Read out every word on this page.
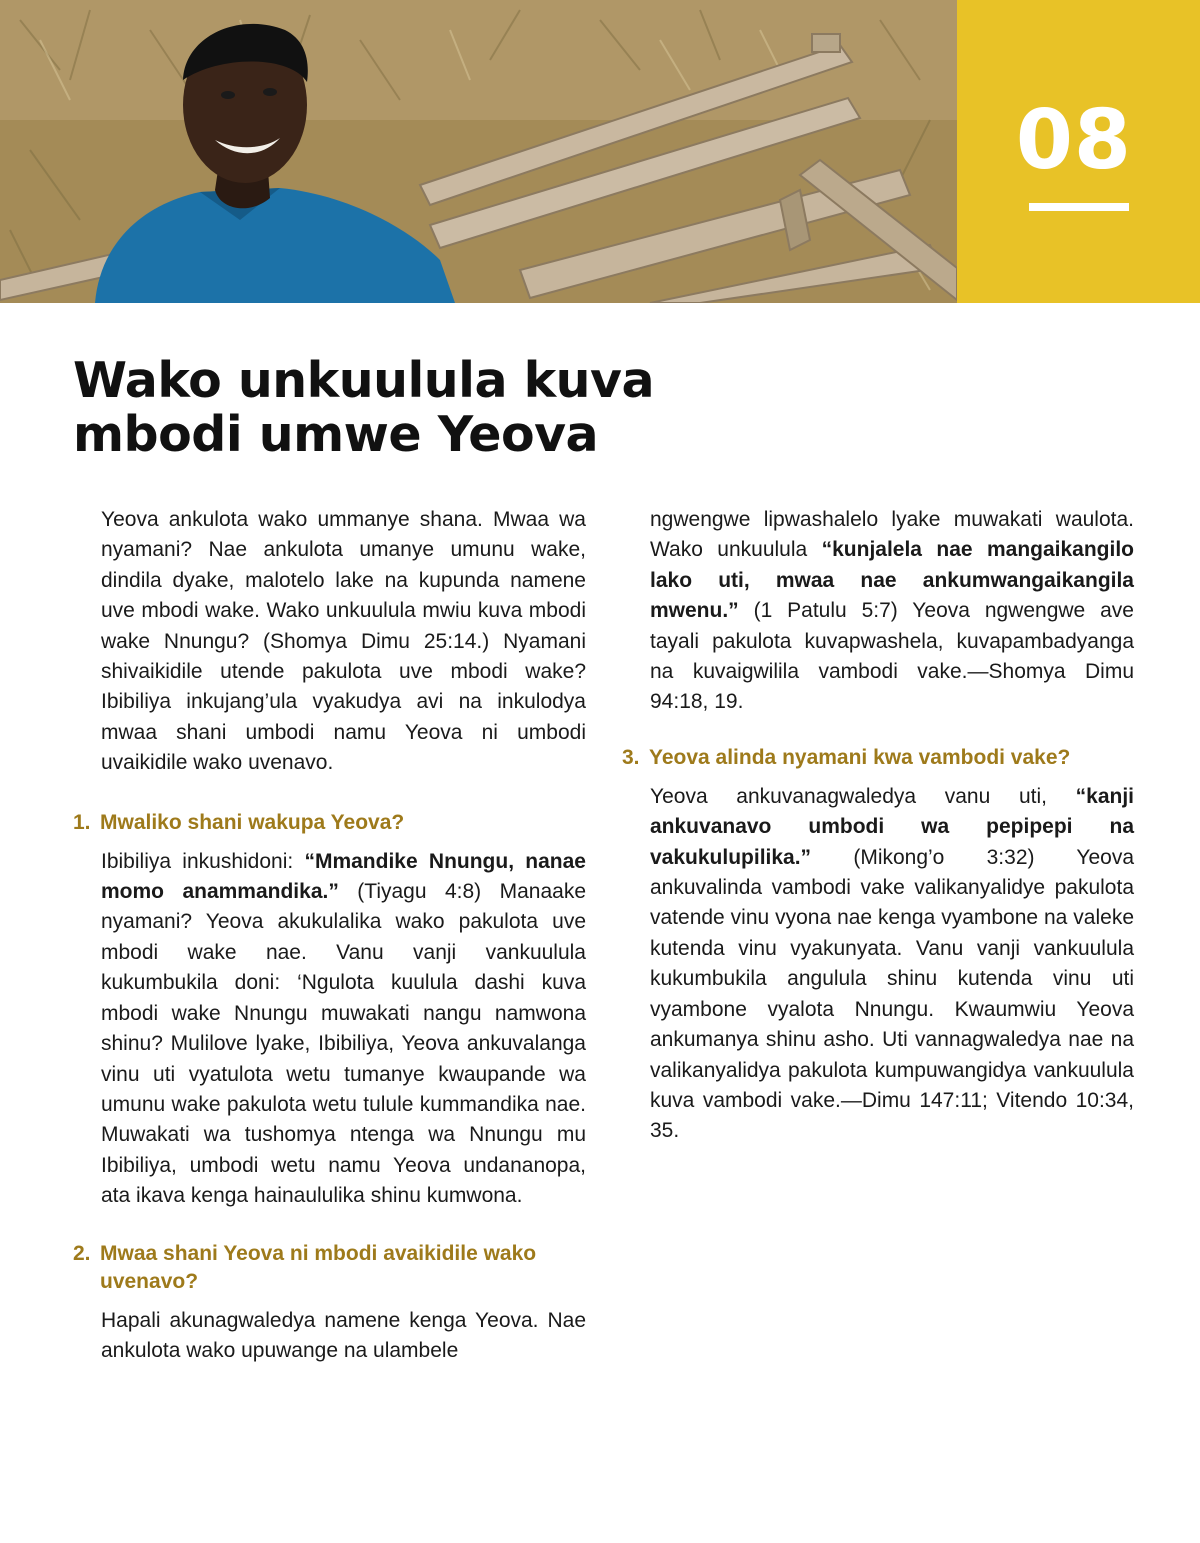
08
Wako unkuulula kuva
mbodi umwe Yeova

Yeova ankulota wako ummanye shana. Mwaa wa nyamani? Nae ankulota umanye umunu wake, dindila dyake, malotelo lake na kupunda namene uve mbodi wake. Wako unkuulula mwiu kuva mbodi wake Nnungu? (Shomya Dimu 25:14.) Nyamani shivaikidile utende pakulota uve mbodi wake? Ibibiliya inkujang’ula vyakudya avi na inkulodya mwaa shani umbodi namu Yeova ni umbodi uvaikidile wako uvenavo.

1. Mwaliko shani wakupa Yeova?

Ibibiliya inkushidoni: “Mmandike Nnungu, nanae momo anammandika.” (Tiyagu 4:8) Manaake nyamani? Yeova akukulalika wako pakulota uve mbodi wake nae. Vanu vanji vankuulula kukumbukila doni: ‘Ngulota kuulula dashi kuva mbodi wake Nnungu muwakati nangu namwona shinu? Mulilove lyake, Ibibiliya, Yeova ankuvalanga vinu uti vyatulota wetu tumanye kwaupande wa umunu wake pakulota wetu tulule kummandika nae. Muwakati wa tushomya ntenga wa Nnungu mu Ibibiliya, umbodi wetu namu Yeova undananopa, ata ikava kenga hainaululika shinu kumwona.

2. Mwaa shani Yeova ni mbodi avaikidile wako uvenavo?

Hapali akunagwaledya namene kenga Yeova. Nae ankulota wako upuwange na ulambele

ngwengwe lipwashalelo lyake muwakati waulota. Wako unkuulula “kunjalela nae mangaikangilo lako uti, mwaa nae ankumwangaikangila mwenu.” (1 Patulu 5:7) Yeova ngwengwe ave tayali pakulota kuvapwashela, kuvapambadyanga na kuvaigwilila vambodi vake.—Shomya Dimu 94:18, 19.

3. Yeova alinda nyamani kwa vambodi vake?

Yeova ankuvanagwaledya vanu uti, “kanji ankuvanavo umbodi wa pepipepi na vakukulupilika.” (Mikong’o 3:32) Yeova ankuvalinda vambodi vake valikanyalidye pakulota vatende vinu vyona nae kenga vyambone na valeke kutenda vinu vyakunyata. Vanu vanji vankuulula kukumbukila angulula shinu kutenda vinu uti vyambone vyalota Nnungu. Kwaumwiu Yeova ankumanya shinu asho. Uti vannagwaledya nae na valikanyalidya pakulota kumpuwangidya vankuulula kuva vambodi vake.—Dimu 147:11; Vitendo 10:34, 35.
